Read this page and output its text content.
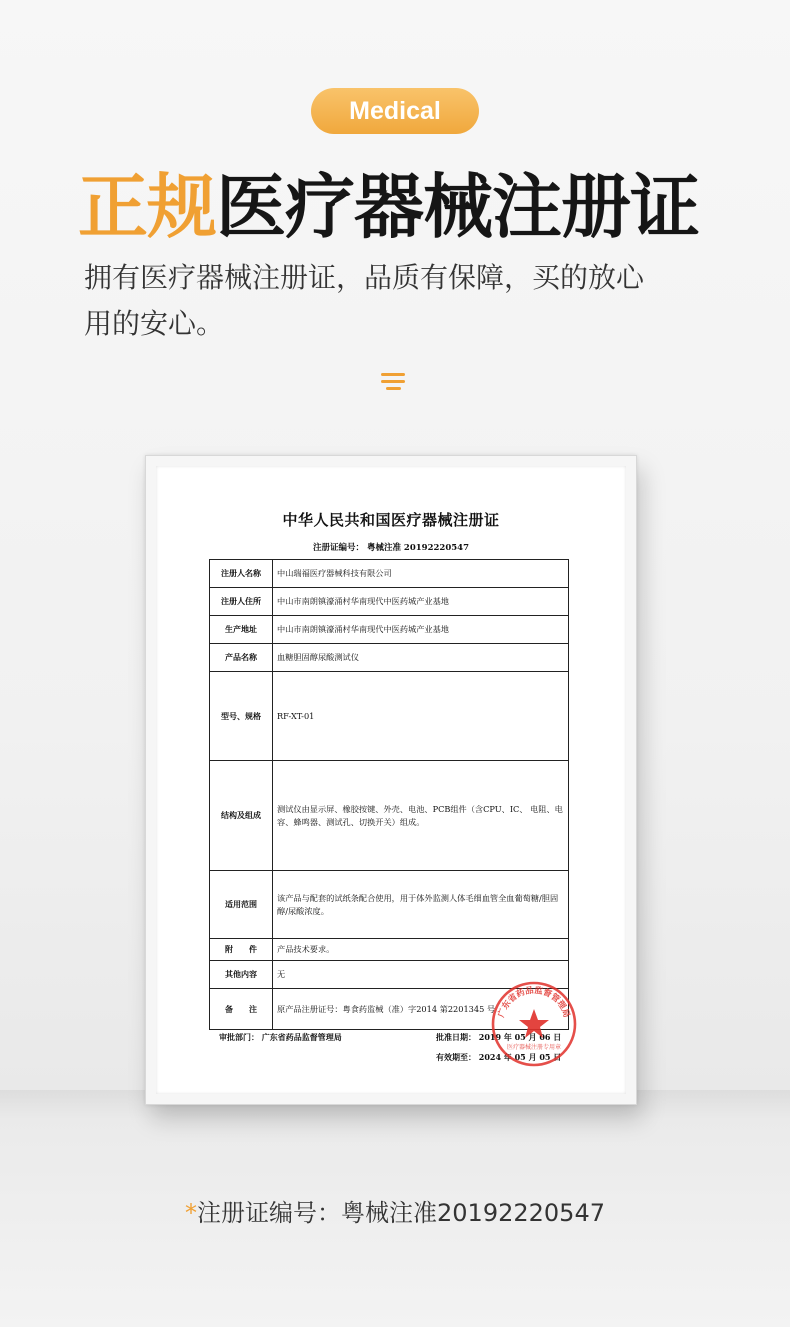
Medical
正规医疗器械注册证
拥有医疗器械注册证，品质有保障，买的放心
用的安心。
中华人民共和国医疗器械注册证
注册证编号： 粤械注准 20192220547
注册人名称	中山瑞福医疗器械科技有限公司
注册人住所	中山市南朗镇濠涌村华南现代中医药城产业基地
生产地址	中山市南朗镇濠涌村华南现代中医药城产业基地
产品名称	血糖胆固醇尿酸测试仪
型号、规格	RF-XT-01
结构及组成	测试仪由显示屏、橡胶按键、外壳、电池、PCB组件（含CPU、IC、 电阻、电容、蜂鸣器、测试孔、切换开关）组成。
适用范围	该产品与配套的试纸条配合使用，用于体外监测人体毛细血管全血葡萄糖/胆固醇/尿酸浓度。
附　　件	产品技术要求。
其他内容	无
备　　注	原产品注册证号：粤食药监械（准）字2014 第2201345 号
审批部门： 广东省药品监督管理局	批准日期： 2019 年 05 月 06 日
有效期至： 2024 年 05 月 05 日
广东省药品监督管理局
医疗器械注册专用章
*注册证编号：粤械注准20192220547
